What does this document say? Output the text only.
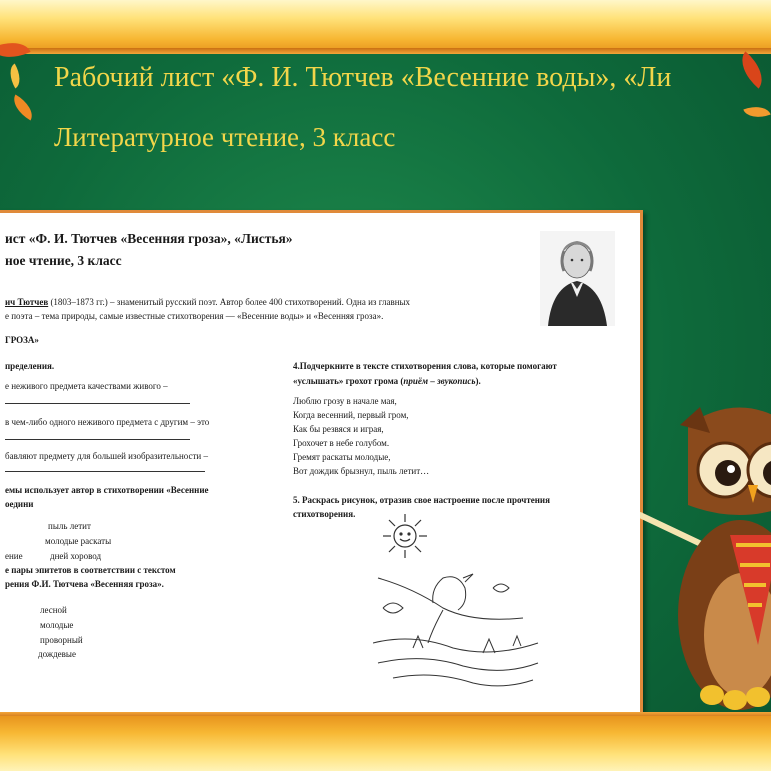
Рабочий лист «Ф. И. Тютчев «Весенние воды», «Ли
Литературное чтение, 3 класс
ист «Ф. И. Тютчев «Весенняя гроза», «Листья»
ное чтение, 3 класс
ич Тютчев (1803–1873 гг.) – знаменитый русский поэт. Автор более 400 стихотворений. Одна из главных
е поэта – тема природы, самые известные стихотворения — «Весенние воды» и «Весенняя гроза».
ГРОЗА»
пределения.
е неживого предмета качествами живого –
в чем-либо одного неживого предмета с другим – это
бавляют предмету для большей изобразительности –
емы использует автор в стихотворении «Весенние
оедини
пыль летит
молодые раскаты
ение	дней хоровод
е пары эпитетов в соответствии с текстом
рения Ф.И. Тютчева «Весенняя гроза».
лесной
молодые
проворный
дождевые
4.Подчеркните в тексте стихотворения слова, которые помогают
«услышать» грохот грома (приём – звукопись).
Люблю грозу в начале мая,
Когда весенний, первый гром,
Как бы резвяся и играя,
Грохочет в небе голубом.
Гремят раскаты молодые,
Вот дождик брызнул, пыль летит…
5. Раскрась рисунок, отразив свое настроение после прочтения
стихотворения.
